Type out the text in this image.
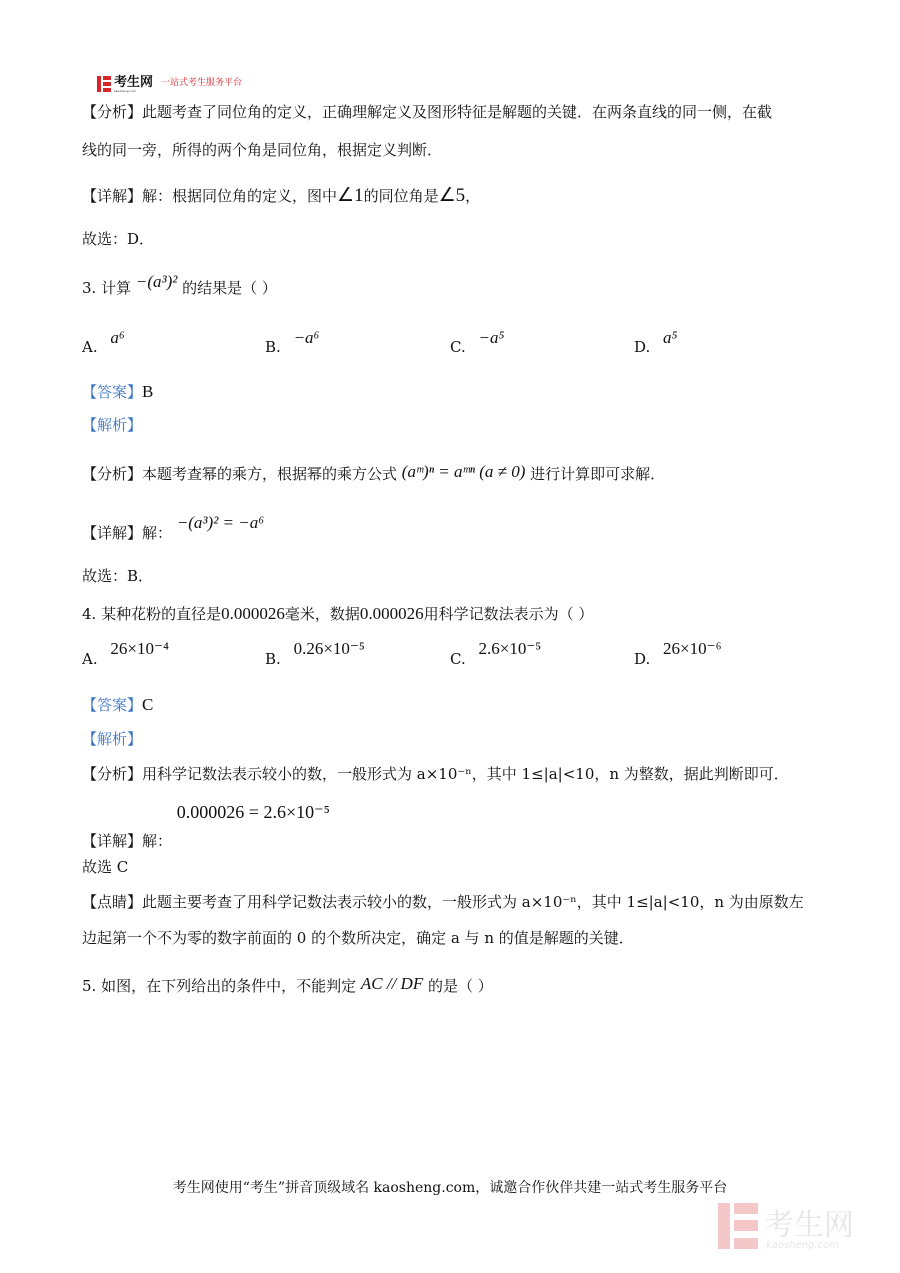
考生网
kaosheng.com
一站式考生服务平台
【分析】此题考查了同位角的定义，正确理解定义及图形特征是解题的关键．在两条直线的同一侧，在截
线的同一旁，所得的两个角是同位角，根据定义判断．
【详解】解：根据同位角的定义，图中∠1的同位角是∠5，
故选：D．
3. 计算 −(a³)² 的结果是（ ）
A. a⁶	B. −a⁶	C. −a⁵	D. a⁵
【答案】B
【解析】
【分析】本题考查幂的乘方，根据幂的乘方公式 (aᵐ)ⁿ = aᵐⁿ (a ≠ 0) 进行计算即可求解．
【详解】解： −(a³)² = −a⁶
故选：B．
4. 某种花粉的直径是0.000026毫米，数据0.000026用科学记数法表示为（ ）
A. 26×10⁻⁴
B. 0.26×10⁻⁵
C. 2.6×10⁻⁵
D. 26×10⁻⁶
【答案】C
【解析】
【分析】用科学记数法表示较小的数，一般形式为 a×10⁻ⁿ，其中 1≤|a|<10，n 为整数，据此判断即可．
【详解】解： 0.000026 = 2.6×10⁻⁵
故选 C
【点睛】此题主要考查了用科学记数法表示较小的数，一般形式为 a×10⁻ⁿ，其中 1≤|a|<10，n 为由原数左
边起第一个不为零的数字前面的 0 的个数所决定，确定 a 与 n 的值是解题的关键．
5. 如图，在下列给出的条件中，不能判定 AC // DF 的是（ ）
考生网使用“考生”拼音顶级域名 kaosheng.com，诚邀合作伙伴共建一站式考生服务平台
考生网
kaosheng.com
